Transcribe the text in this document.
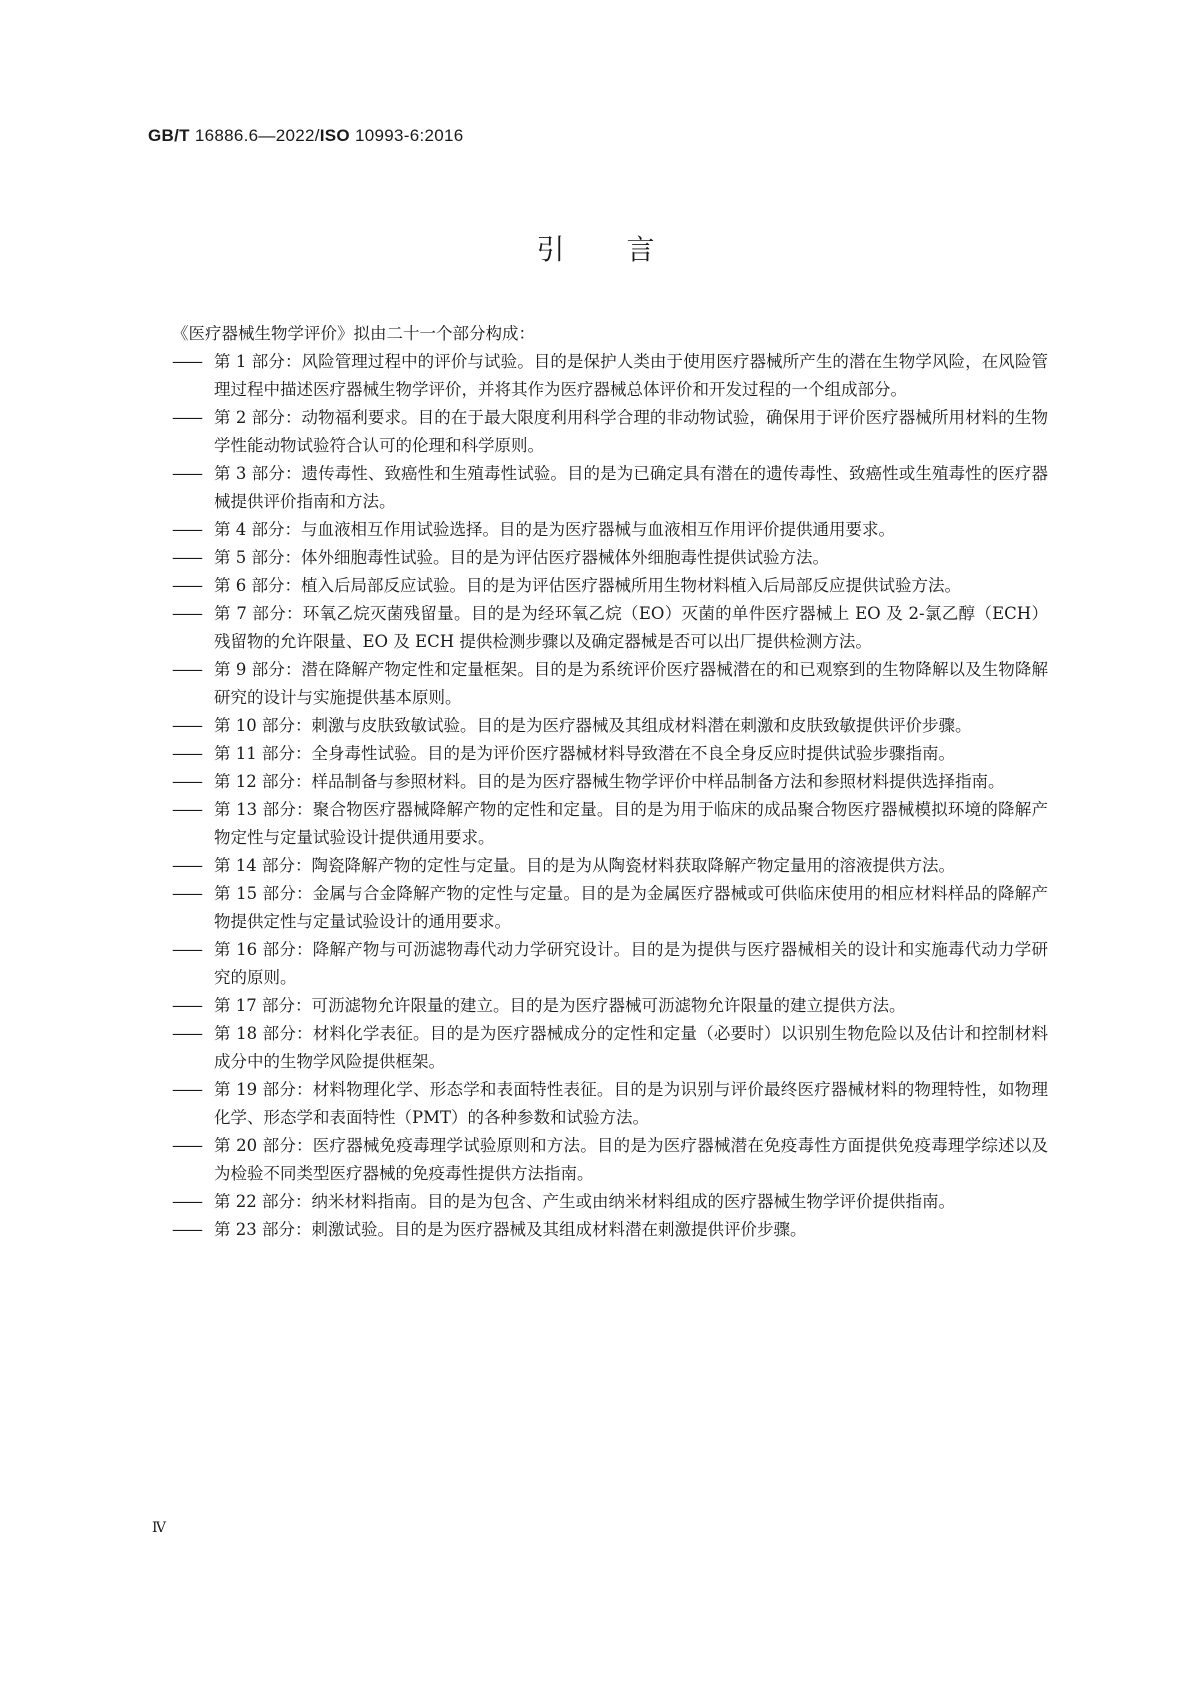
GB/T 16886.6—2022/ISO 10993-6:2016
引言

《医疗器械生物学评价》拟由二十一个部分构成：

—— 第 1 部分：风险管理过程中的评价与试验。目的是保护人类由于使用医疗器械所产生的潜在生物学风险，在风险管理过程中描述医疗器械生物学评价，并将其作为医疗器械总体评价和开发过程的一个组成部分。
—— 第 2 部分：动物福利要求。目的在于最大限度利用科学合理的非动物试验，确保用于评价医疗器械所用材料的生物学性能动物试验符合认可的伦理和科学原则。
—— 第 3 部分：遗传毒性、致癌性和生殖毒性试验。目的是为已确定具有潜在的遗传毒性、致癌性或生殖毒性的医疗器械提供评价指南和方法。
—— 第 4 部分：与血液相互作用试验选择。目的是为医疗器械与血液相互作用评价提供通用要求。
—— 第 5 部分：体外细胞毒性试验。目的是为评估医疗器械体外细胞毒性提供试验方法。
—— 第 6 部分：植入后局部反应试验。目的是为评估医疗器械所用生物材料植入后局部反应提供试验方法。
—— 第 7 部分：环氧乙烷灭菌残留量。目的是为经环氧乙烷（EO）灭菌的单件医疗器械上 EO 及 2-氯乙醇（ECH）残留物的允许限量、EO 及 ECH 提供检测步骤以及确定器械是否可以出厂提供检测方法。
—— 第 9 部分：潜在降解产物定性和定量框架。目的是为系统评价医疗器械潜在的和已观察到的生物降解以及生物降解研究的设计与实施提供基本原则。
—— 第 10 部分：刺激与皮肤致敏试验。目的是为医疗器械及其组成材料潜在刺激和皮肤致敏提供评价步骤。
—— 第 11 部分：全身毒性试验。目的是为评价医疗器械材料导致潜在不良全身反应时提供试验步骤指南。
—— 第 12 部分：样品制备与参照材料。目的是为医疗器械生物学评价中样品制备方法和参照材料提供选择指南。
—— 第 13 部分：聚合物医疗器械降解产物的定性和定量。目的是为用于临床的成品聚合物医疗器械模拟环境的降解产物定性与定量试验设计提供通用要求。
—— 第 14 部分：陶瓷降解产物的定性与定量。目的是为从陶瓷材料获取降解产物定量用的溶液提供方法。
—— 第 15 部分：金属与合金降解产物的定性与定量。目的是为金属医疗器械或可供临床使用的相应材料样品的降解产物提供定性与定量试验设计的通用要求。
—— 第 16 部分：降解产物与可沥滤物毒代动力学研究设计。目的是为提供与医疗器械相关的设计和实施毒代动力学研究的原则。
—— 第 17 部分：可沥滤物允许限量的建立。目的是为医疗器械可沥滤物允许限量的建立提供方法。
—— 第 18 部分：材料化学表征。目的是为医疗器械成分的定性和定量（必要时）以识别生物危险以及估计和控制材料成分中的生物学风险提供框架。
—— 第 19 部分：材料物理化学、形态学和表面特性表征。目的是为识别与评价最终医疗器械材料的物理特性，如物理化学、形态学和表面特性（PMT）的各种参数和试验方法。
—— 第 20 部分：医疗器械免疫毒理学试验原则和方法。目的是为医疗器械潜在免疫毒性方面提供免疫毒理学综述以及为检验不同类型医疗器械的免疫毒性提供方法指南。
—— 第 22 部分：纳米材料指南。目的是为包含、产生或由纳米材料组成的医疗器械生物学评价提供指南。
—— 第 23 部分：刺激试验。目的是为医疗器械及其组成材料潜在刺激提供评价步骤。
Ⅳ
